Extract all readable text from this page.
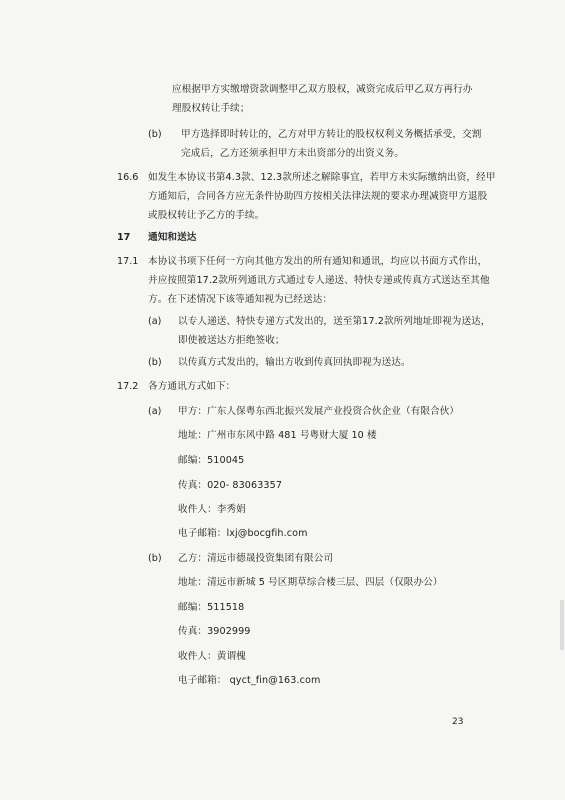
应根据甲方实缴增资款调整甲乙双方股权，减资完成后甲乙双方再行办
理股权转让手续；
(b) 甲方选择即时转让的，乙方对甲方转让的股权权利义务概括承受，交割
完成后，乙方还须承担甲方未出资部分的出资义务。
16.6 如发生本协议书第4.3款、12.3款所述之解除事宜，若甲方未实际缴纳出资，经甲
方通知后，合同各方应无条件协助四方按相关法律法规的要求办理减资甲方退股
或股权转让予乙方的手续。
17 通知和送达
17.1 本协议书项下任何一方向其他方发出的所有通知和通讯，均应以书面方式作出，
并应按照第17.2款所列通讯方式通过专人递送、特快专递或传真方式送达至其他
方。在下述情况下该等通知视为已经送达：
(a) 以专人递送、特快专递方式发出的，送至第17.2款所列地址即视为送达，
即使被送达方拒绝签收；
(b) 以传真方式发出的，输出方收到传真回执即视为送达。
17.2 各方通讯方式如下：
(a) 甲方：广东人保粤东西北振兴发展产业投资合伙企业（有限合伙）
地址：广州市东风中路 481 号粤财大厦 10 楼
邮编：510045
传真：020- 83063357
收件人：李秀娟
电子邮箱：lxj@bocgfih.com
(b) 乙方：清远市德晟投资集团有限公司
地址：清远市新城 5 号区期草综合楼三层、四层（仅限办公）
邮编：511518
传真：3902999
收件人：黄谓槐
电子邮箱： qyct_fin@163.com
23
